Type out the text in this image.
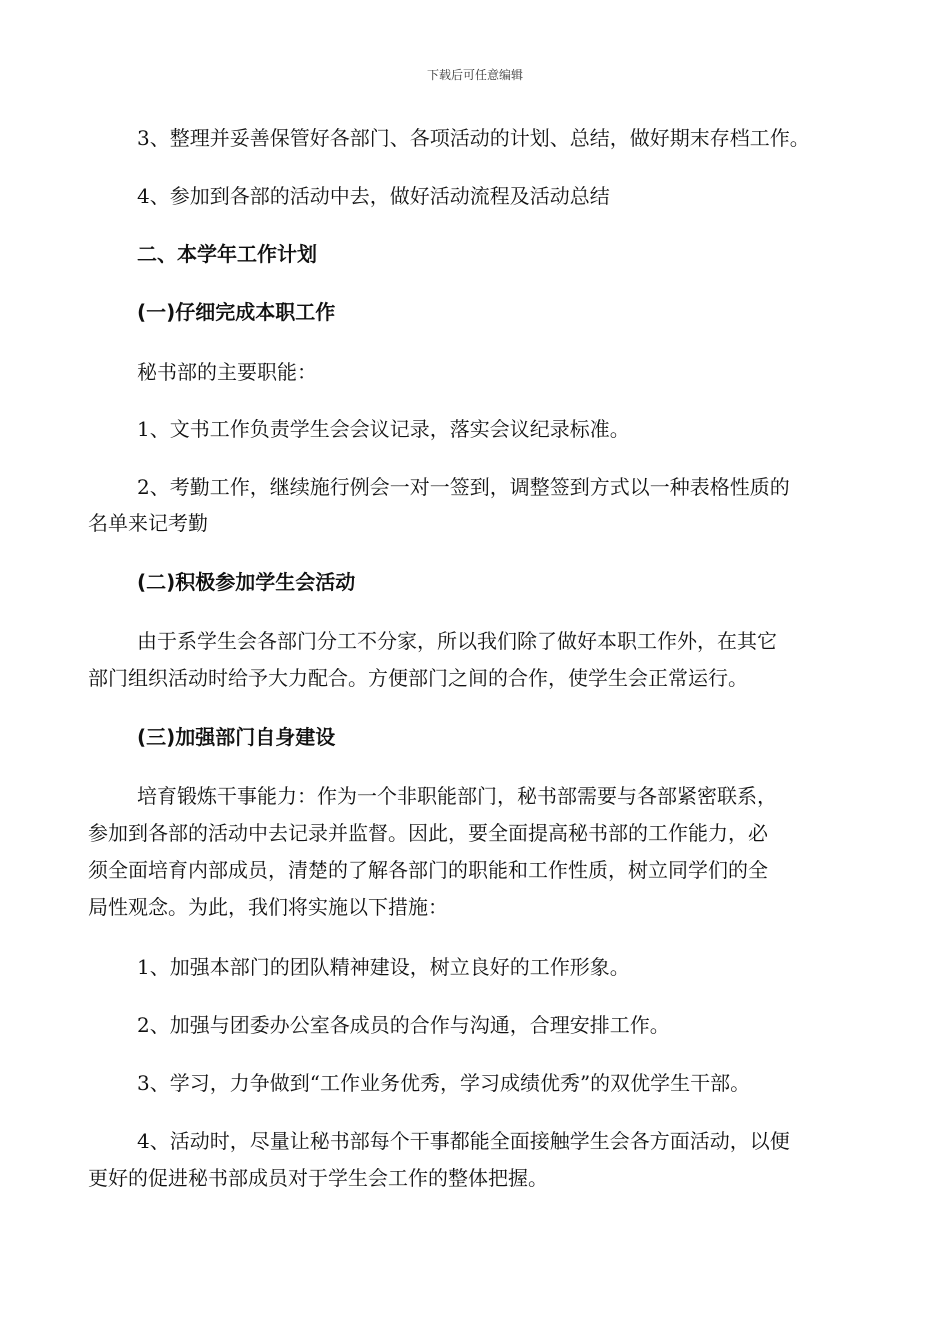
下载后可任意编辑
3、整理并妥善保管好各部门、各项活动的计划、总结，做好期末存档工作。
4、参加到各部的活动中去，做好活动流程及活动总结
二、本学年工作计划
(一)仔细完成本职工作
秘书部的主要职能：
1、文书工作负责学生会会议记录，落实会议纪录标准。
2、考勤工作，继续施行例会一对一签到，调整签到方式以一种表格性质的
名单来记考勤
(二)积极参加学生会活动
由于系学生会各部门分工不分家，所以我们除了做好本职工作外，在其它
部门组织活动时给予大力配合。方便部门之间的合作，使学生会正常运行。
(三)加强部门自身建设
培育锻炼干事能力：作为一个非职能部门，秘书部需要与各部紧密联系，
参加到各部的活动中去记录并监督。因此，要全面提高秘书部的工作能力，必
须全面培育内部成员，清楚的了解各部门的职能和工作性质，树立同学们的全
局性观念。为此，我们将实施以下措施：
1、加强本部门的团队精神建设，树立良好的工作形象。
2、加强与团委办公室各成员的合作与沟通，合理安排工作。
3、学习，力争做到“工作业务优秀，学习成绩优秀”的双优学生干部。
4、活动时，尽量让秘书部每个干事都能全面接触学生会各方面活动，以便
更好的促进秘书部成员对于学生会工作的整体把握。
